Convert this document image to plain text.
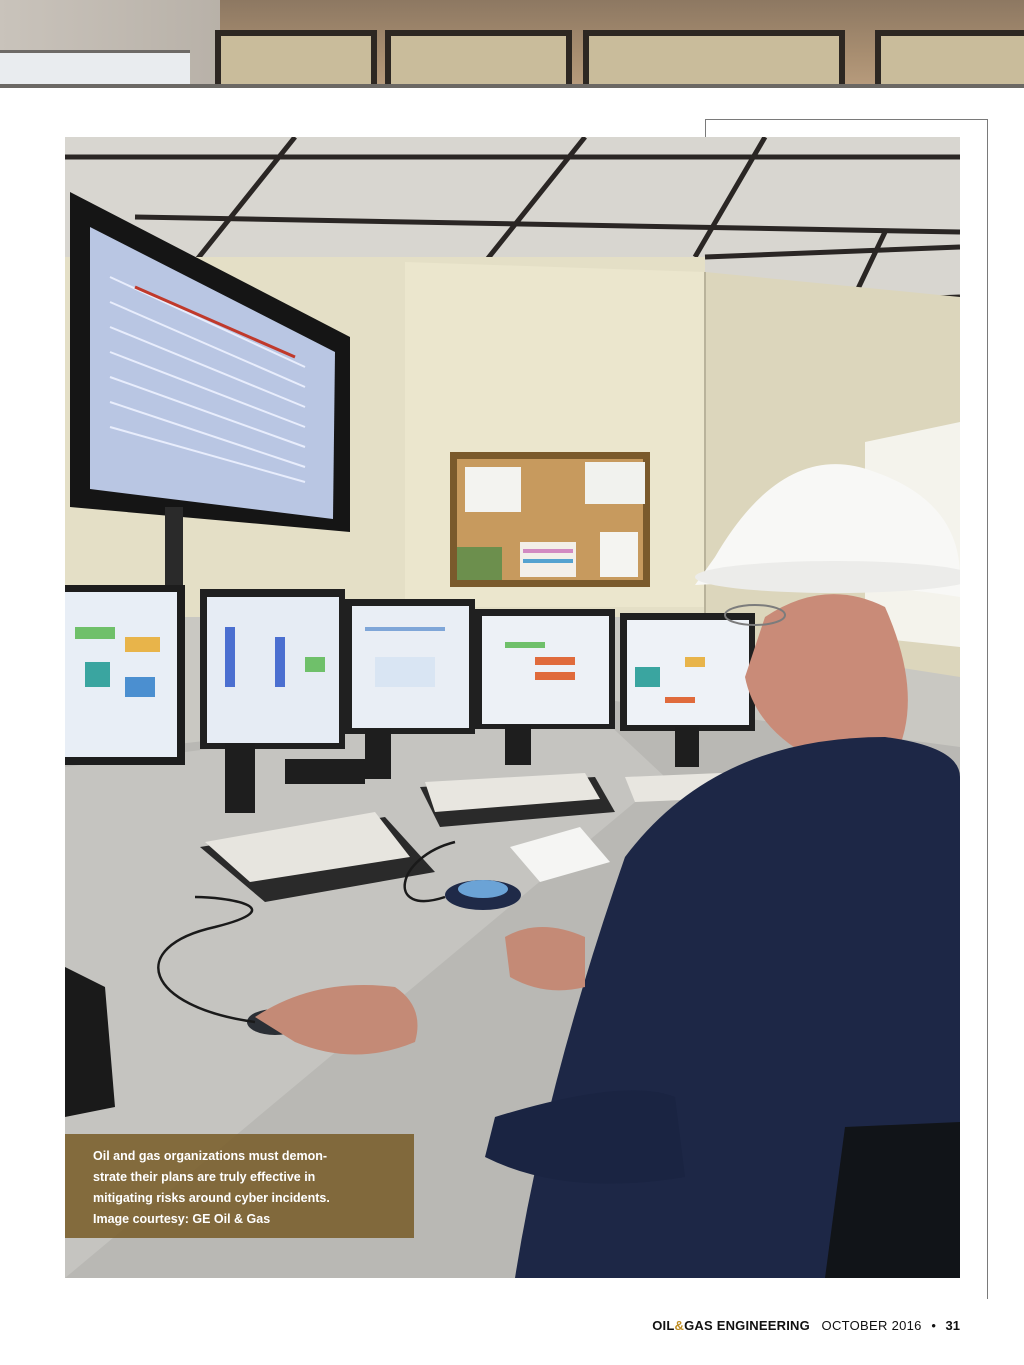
Oil and gas organizations must demon-
strate their plans are truly effective in
mitigating risks around cyber incidents.
Image courtesy: GE Oil & Gas

OIL&GAS ENGINEERING OCTOBER 2016 • 31
